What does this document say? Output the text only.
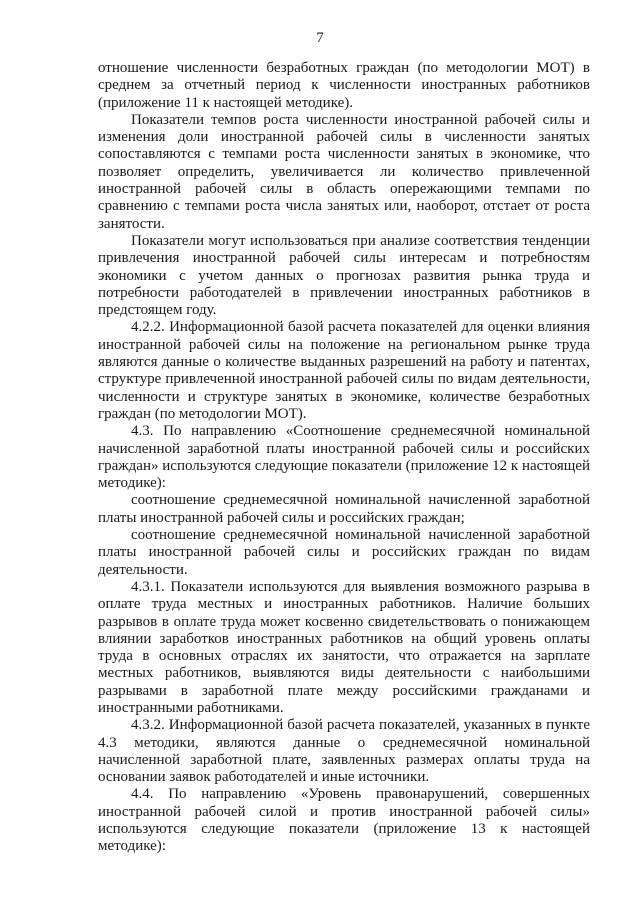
7

отношение численности безработных граждан (по методологии МОТ) в среднем за отчетный период к численности иностранных работников (приложение 11 к настоящей методике).

Показатели темпов роста численности иностранной рабочей силы и изменения доли иностранной рабочей силы в численности занятых сопоставляются с темпами роста численности занятых в экономике, что позволяет определить, увеличивается ли количество привлеченной иностранной рабочей силы в область опережающими темпами по сравнению с темпами роста числа занятых или, наоборот, отстает от роста занятости.

Показатели могут использоваться при анализе соответствия тенденции привлечения иностранной рабочей силы интересам и потребностям экономики с учетом данных о прогнозах развития рынка труда и потребности работодателей в привлечении иностранных работников в предстоящем году.

4.2.2. Информационной базой расчета показателей для оценки влияния иностранной рабочей силы на положение на региональном рынке труда являются данные о количестве выданных разрешений на работу и патентах, структуре привлеченной иностранной рабочей силы по видам деятельности, численности и структуре занятых в экономике, количестве безработных граждан (по методологии МОТ).

4.3. По направлению «Соотношение среднемесячной номинальной начисленной заработной платы иностранной рабочей силы и российских граждан» используются следующие показатели (приложение 12 к настоящей методике):

соотношение среднемесячной номинальной начисленной заработной платы иностранной рабочей силы и российских граждан;

соотношение среднемесячной номинальной начисленной заработной платы иностранной рабочей силы и российских граждан по видам деятельности.

4.3.1. Показатели используются для выявления возможного разрыва в оплате труда местных и иностранных работников. Наличие больших разрывов в оплате труда может косвенно свидетельствовать о понижающем влиянии заработков иностранных работников на общий уровень оплаты труда в основных отраслях их занятости, что отражается на зарплате местных работников, выявляются виды деятельности с наибольшими разрывами в заработной плате между российскими гражданами и иностранными работниками.

4.3.2. Информационной базой расчета показателей, указанных в пункте 4.3 методики, являются данные о среднемесячной номинальной начисленной заработной плате, заявленных размерах оплаты труда на основании заявок работодателей и иные источники.

4.4. По направлению «Уровень правонарушений, совершенных иностранной рабочей силой и против иностранной рабочей силы» используются следующие показатели (приложение 13 к настоящей методике):
